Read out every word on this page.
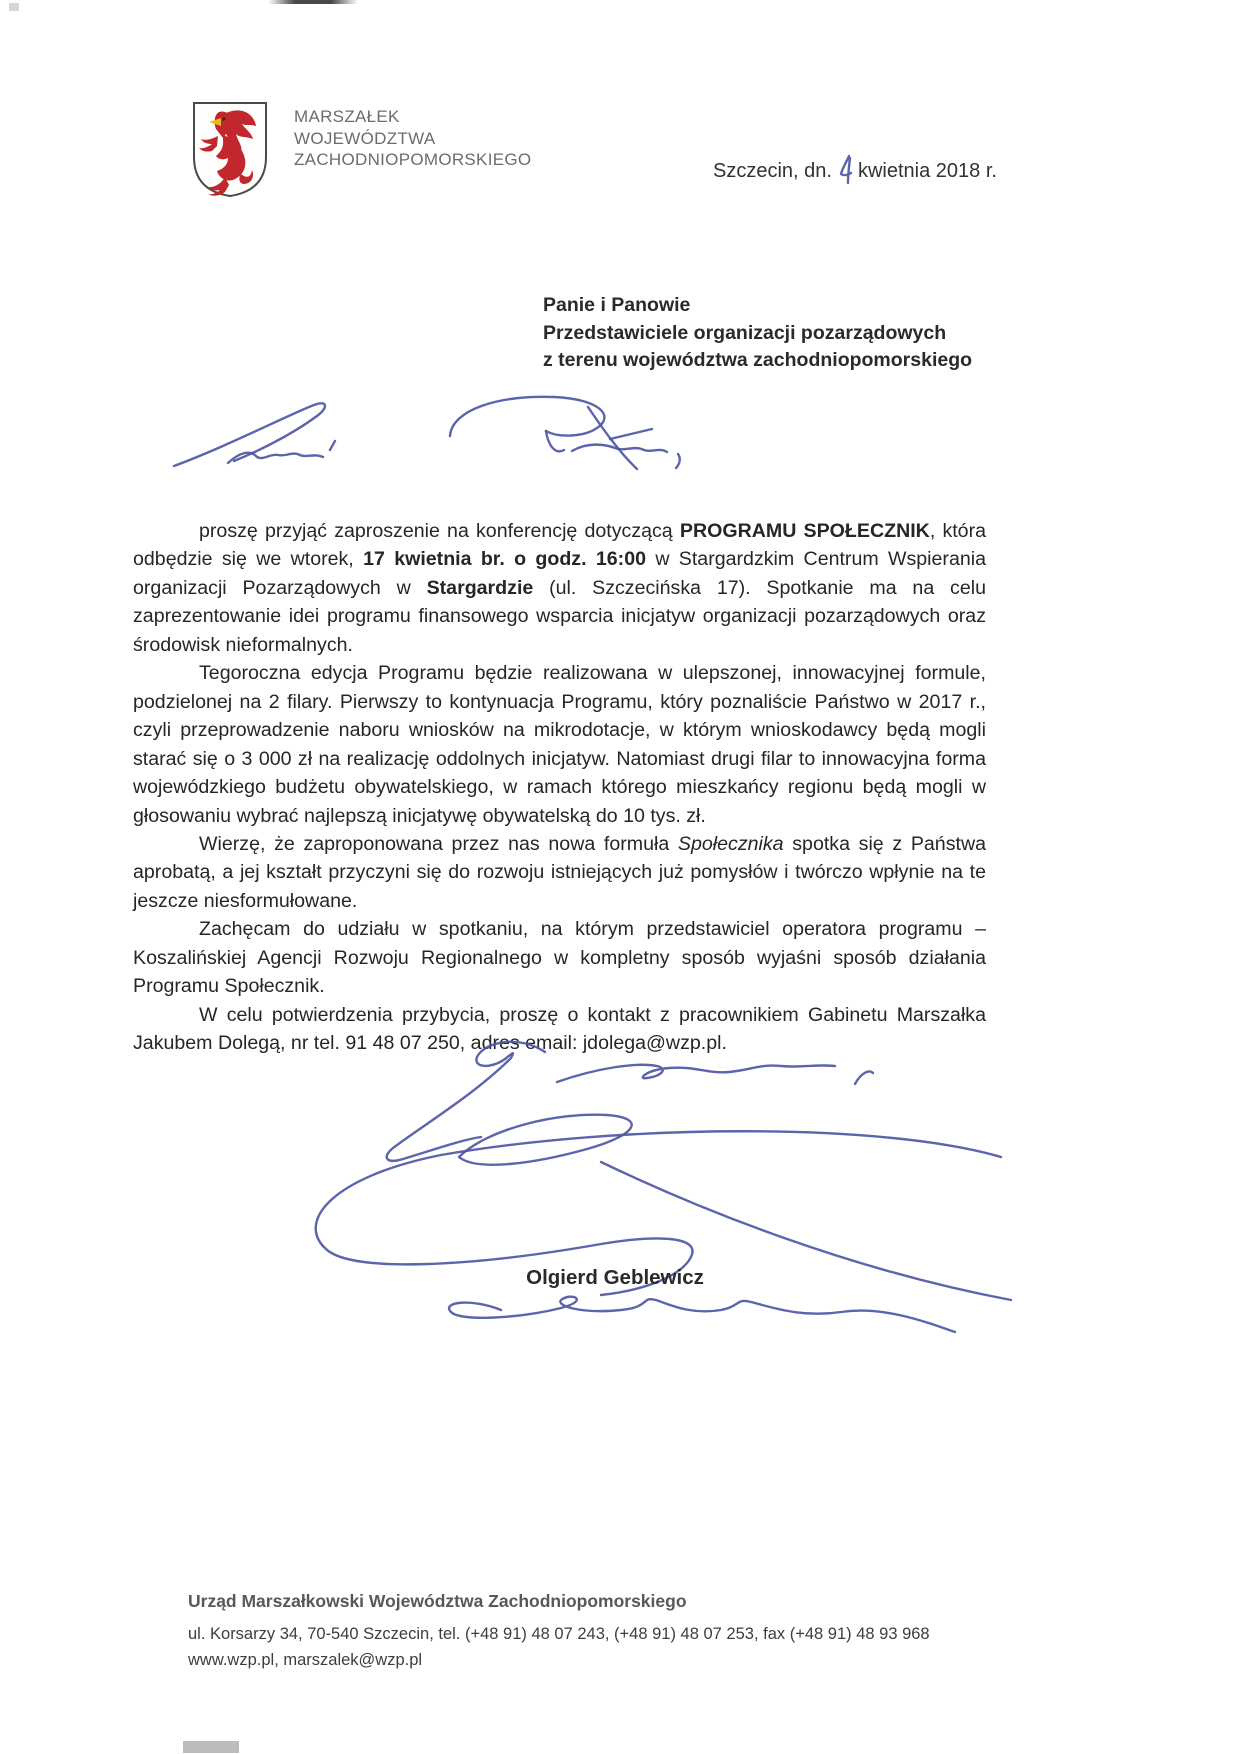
MARSZAŁEK
WOJEWÓDZTWA
ZACHODNIOPOMORSKIEGO
Szczecin, dn. kwietnia 2018 r.
Panie i Panowie
Przedstawiciele organizacji pozarządowych
z terenu województwa zachodniopomorskiego

proszę przyjąć zaproszenie na konferencję dotyczącą PROGRAMU SPOŁECZNIK, która odbędzie się we wtorek, 17 kwietnia br. o godz. 16:00 w Stargardzkim Centrum Wspierania organizacji Pozarządowych w Stargardzie (ul. Szczecińska 17). Spotkanie ma na celu zaprezentowanie idei programu finansowego wsparcia inicjatyw organizacji pozarządowych oraz środowisk nieformalnych.

Tegoroczna edycja Programu będzie realizowana w ulepszonej, innowacyjnej formule, podzielonej na 2 filary. Pierwszy to kontynuacja Programu, który poznaliście Państwo w 2017 r., czyli przeprowadzenie naboru wniosków na mikrodotacje, w którym wnioskodawcy będą mogli starać się o 3 000 zł na realizację oddolnych inicjatyw. Natomiast drugi filar to innowacyjna forma wojewódzkiego budżetu obywatelskiego, w ramach którego mieszkańcy regionu będą mogli w głosowaniu wybrać najlepszą inicjatywę obywatelską do 10 tys. zł.

Wierzę, że zaproponowana przez nas nowa formuła Społecznika spotka się z Państwa aprobatą, a jej kształt przyczyni się do rozwoju istniejących już pomysłów i twórczo wpłynie na te jeszcze niesformułowane.

Zachęcam do udziału w spotkaniu, na którym przedstawiciel operatora programu – Koszalińskiej Agencji Rozwoju Regionalnego w kompletny sposób wyjaśni sposób działania Programu Społecznik.

W celu potwierdzenia przybycia, proszę o kontakt z pracownikiem Gabinetu Marszałka Jakubem Dolegą, nr tel. 91 48 07 250, adres email: jdolega@wzp.pl.

Olgierd Geblewicz

Urząd Marszałkowski Województwa Zachodniopomorskiego

ul. Korsarzy 34, 70-540 Szczecin, tel. (+48 91) 48 07 243, (+48 91) 48 07 253, fax (+48 91) 48 93 968

www.wzp.pl, marszalek@wzp.pl
